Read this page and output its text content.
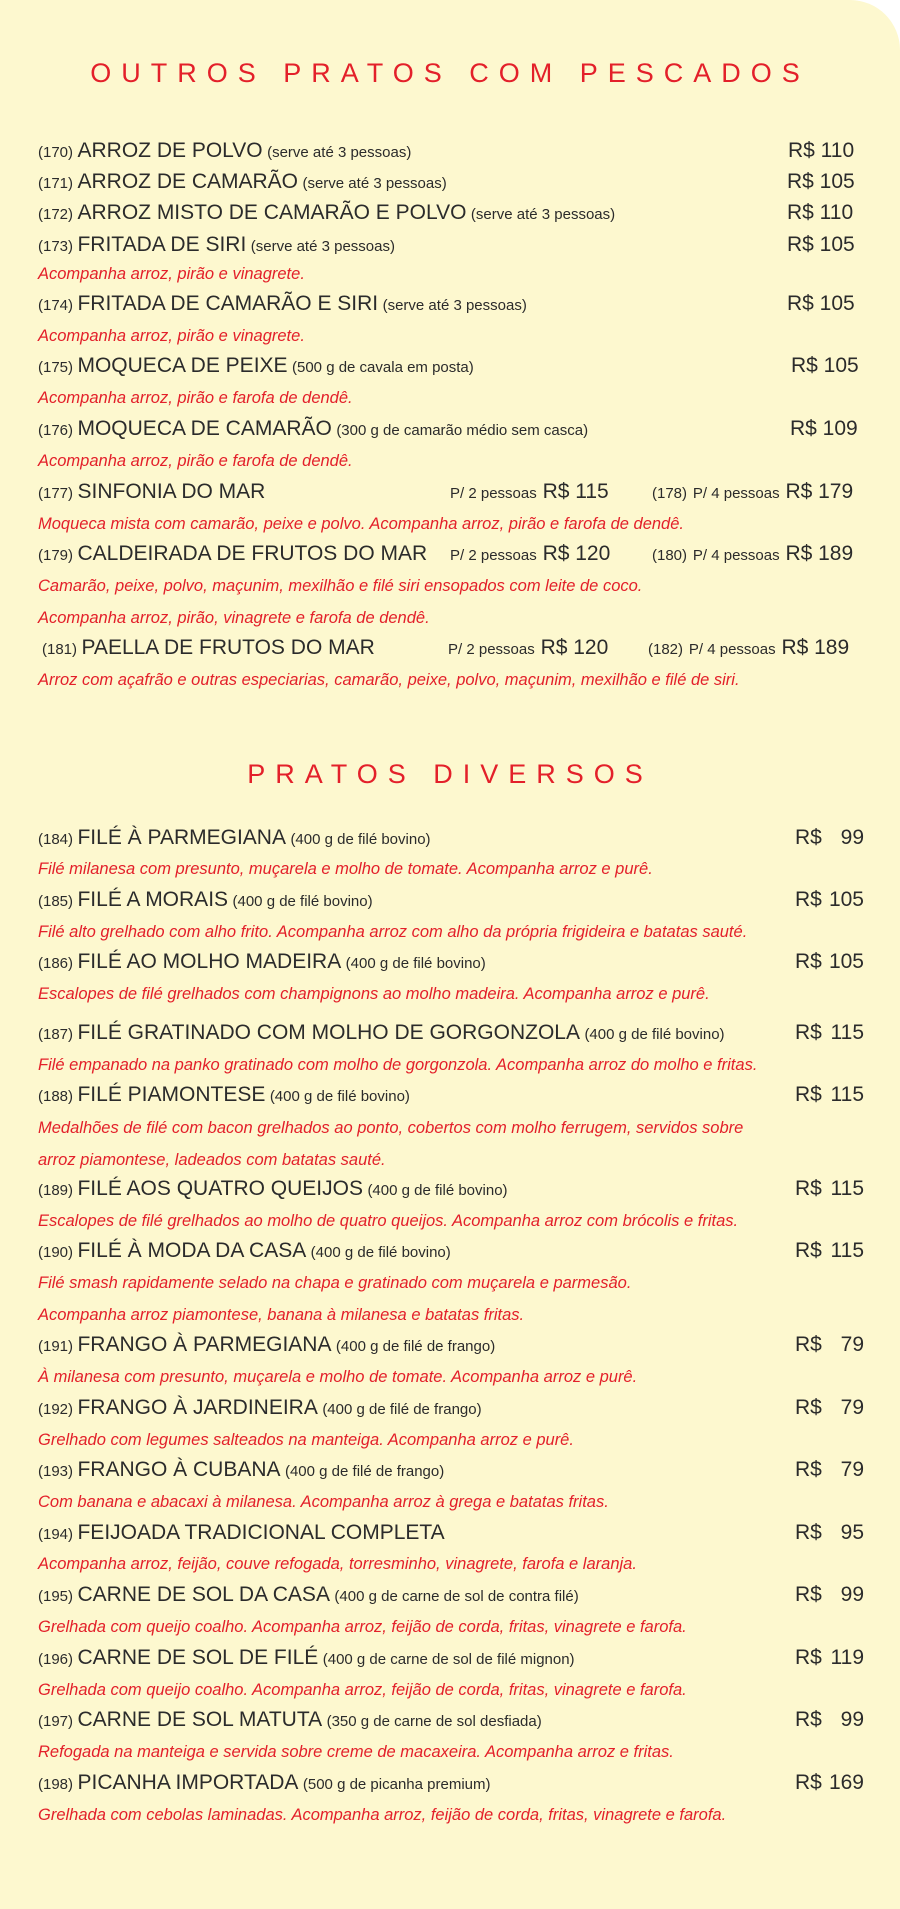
OUTROS PRATOS COM PESCADOS
(170) ARROZ DE POLVO (serve até 3 pessoas)	R$ 110
(171) ARROZ DE CAMARÃO (serve até 3 pessoas)	R$ 105
(172) ARROZ MISTO DE CAMARÃO E POLVO (serve até 3 pessoas)	R$ 110
(173) FRITADA DE SIRI (serve até 3 pessoas)	R$ 105
Acompanha arroz, pirão e vinagrete.
(174) FRITADA DE CAMARÃO E SIRI (serve até 3 pessoas)	R$ 105
Acompanha arroz, pirão e vinagrete.
(175) MOQUECA DE PEIXE (500 g de cavala em posta)	R$ 105
Acompanha arroz, pirão e farofa de dendê.
(176) MOQUECA DE CAMARÃO (300 g de camarão médio sem casca)	R$ 109
Acompanha arroz, pirão e farofa de dendê.
(177) SINFONIA DO MAR	P/ 2 pessoas R$ 115	(178) P/ 4 pessoas R$ 179
Moqueca mista com camarão, peixe e polvo. Acompanha arroz, pirão e farofa de dendê.
(179) CALDEIRADA DE FRUTOS DO MAR P/ 2 pessoas R$ 120	(180) P/ 4 pessoas R$ 189
Camarão, peixe, polvo, maçunim, mexilhão e filé siri ensopados com leite de coco.
Acompanha arroz, pirão, vinagrete e farofa de dendê.
(181) PAELLA DE FRUTOS DO MAR	P/ 2 pessoas R$ 120	(182) P/ 4 pessoas R$ 189
Arroz com açafrão e outras especiarias, camarão, peixe, polvo, maçunim, mexilhão e filé de siri.
PRATOS DIVERSOS
(184) FILÉ À PARMEGIANA (400 g de filé bovino)	R$ 99
Filé milanesa com presunto, muçarela e molho de tomate. Acompanha arroz e purê.
(185) FILÉ A MORAIS (400 g de filé bovino)	R$ 105
Filé alto grelhado com alho frito. Acompanha arroz com alho da própria frigideira e batatas sauté.
(186) FILÉ AO MOLHO MADEIRA (400 g de filé bovino)	R$ 105
Escalopes de filé grelhados com champignons ao molho madeira. Acompanha arroz e purê.
(187) FILÉ GRATINADO COM MOLHO DE GORGONZOLA (400 g de filé bovino)	R$ 115
Filé empanado na panko gratinado com molho de gorgonzola. Acompanha arroz do molho e fritas.
(188) FILÉ PIAMONTESE (400 g de filé bovino)	R$ 115
Medalhões de filé com bacon grelhados ao ponto, cobertos com molho ferrugem, servidos sobre
arroz piamontese, ladeados com batatas sauté.
(189) FILÉ AOS QUATRO QUEIJOS (400 g de filé bovino)	R$ 115
Escalopes de filé grelhados ao molho de quatro queijos. Acompanha arroz com brócolis e fritas.
(190) FILÉ À MODA DA CASA (400 g de filé bovino)	R$ 115
Filé smash rapidamente selado na chapa e gratinado com muçarela e parmesão.
Acompanha arroz piamontese, banana à milanesa e batatas fritas.
(191) FRANGO À PARMEGIANA (400 g de filé de frango)	R$ 79
À milanesa com presunto, muçarela e molho de tomate. Acompanha arroz e purê.
(192) FRANGO À JARDINEIRA (400 g de filé de frango)	R$ 79
Grelhado com legumes salteados na manteiga. Acompanha arroz e purê.
(193) FRANGO À CUBANA (400 g de filé de frango)	R$ 79
Com banana e abacaxi à milanesa. Acompanha arroz à grega e batatas fritas.
(194) FEIJOADA TRADICIONAL COMPLETA	R$ 95
Acompanha arroz, feijão, couve refogada, torresminho, vinagrete, farofa e laranja.
(195) CARNE DE SOL DA CASA (400 g de carne de sol de contra filé)	R$ 99
Grelhada com queijo coalho. Acompanha arroz, feijão de corda, fritas, vinagrete e farofa.
(196) CARNE DE SOL DE FILÉ (400 g de carne de sol de filé mignon)	R$ 119
Grelhada com queijo coalho. Acompanha arroz, feijão de corda, fritas, vinagrete e farofa.
(197) CARNE DE SOL MATUTA (350 g de carne de sol desfiada)	R$ 99
Refogada na manteiga e servida sobre creme de macaxeira. Acompanha arroz e fritas.
(198) PICANHA IMPORTADA (500 g de picanha premium)	R$ 169
Grelhada com cebolas laminadas. Acompanha arroz, feijão de corda, fritas, vinagrete e farofa.
